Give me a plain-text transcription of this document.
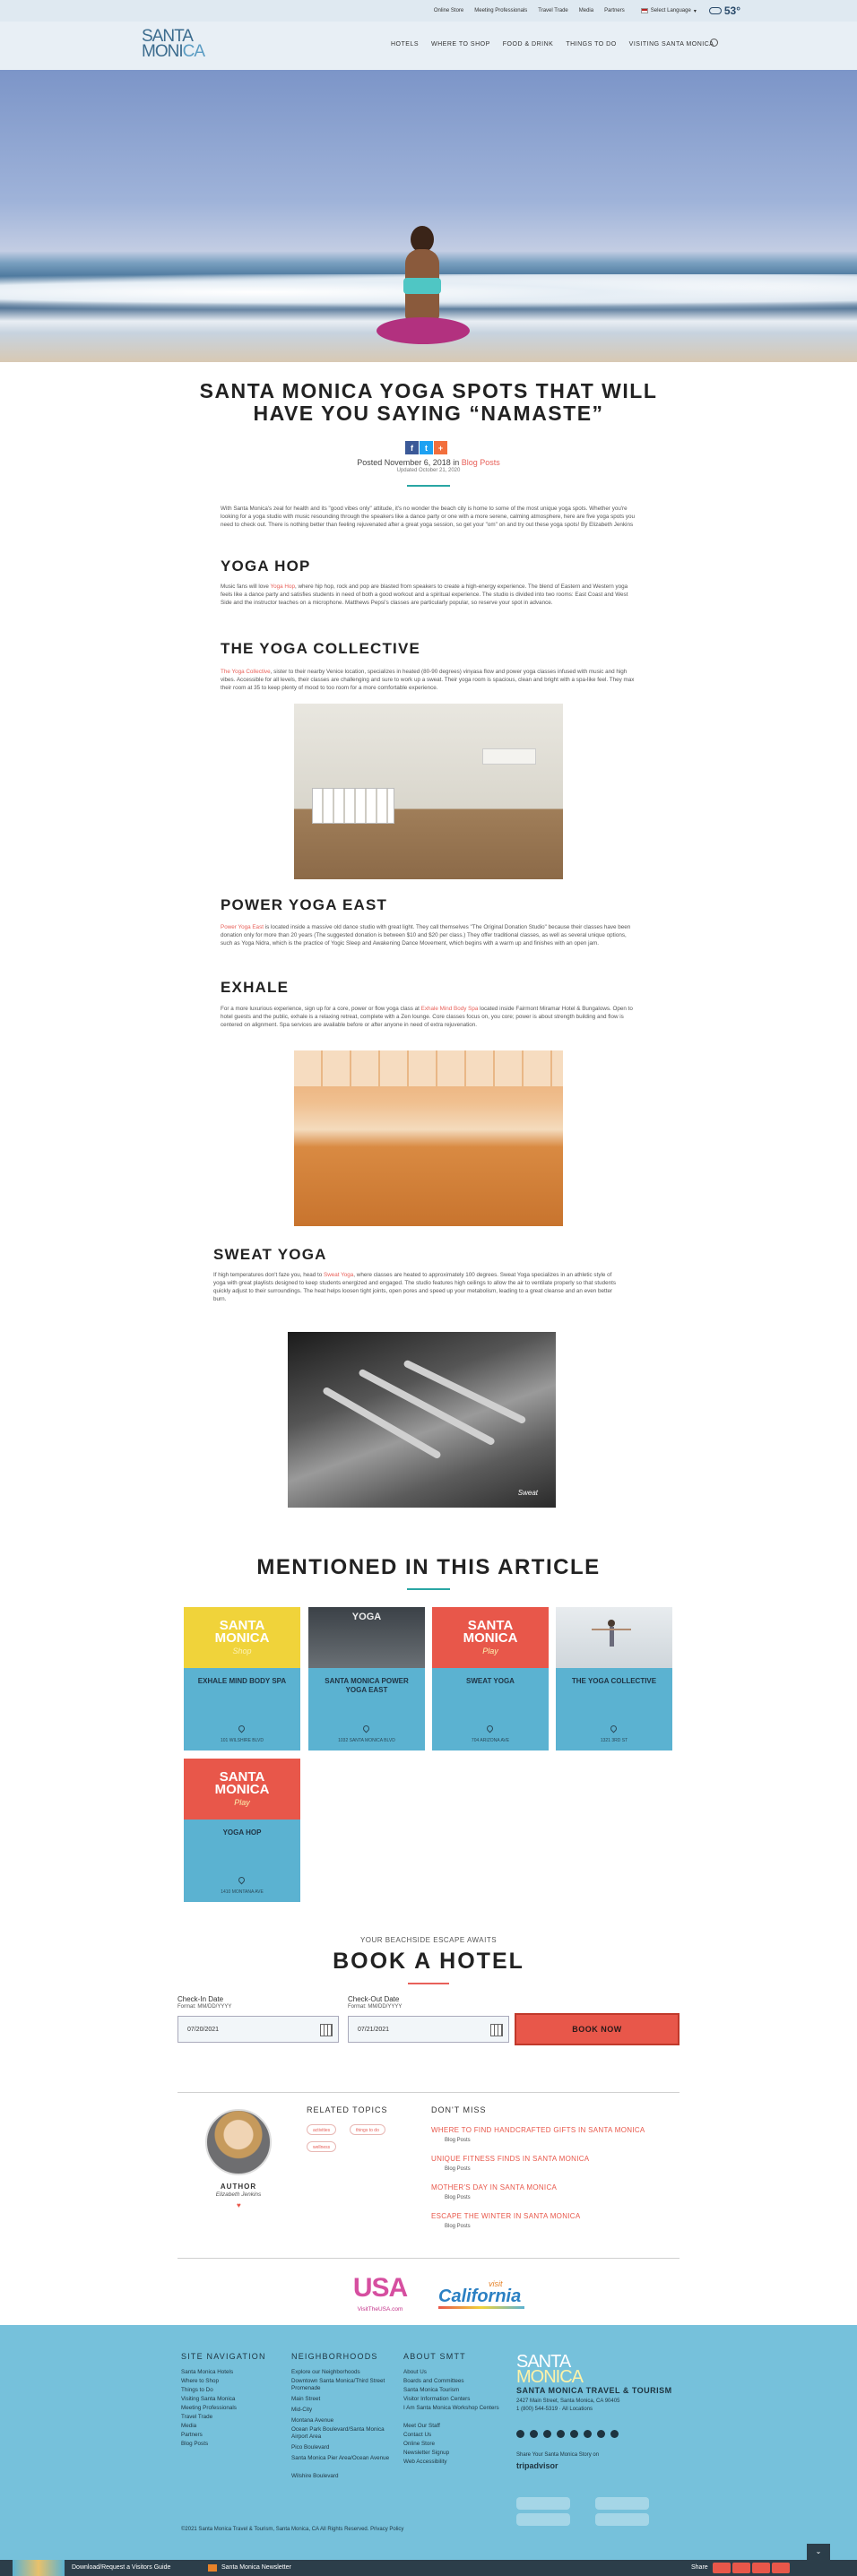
Online Store Meeting Professionals Travel Trade Media Partners	Select Language ▾	53°
SANTA
MONICA	HOTELS WHERE TO SHOP FOOD & DRINK THINGS TO DO VISITING SANTA MONICA
SANTA MONICA YOGA SPOTS THAT WILL HAVE YOU SAYING “NAMASTE”
f	t	+
Posted November 6, 2018 in Blog Posts
Updated October 21, 2020

With Santa Monica's zeal for health and its "good vibes only" attitude, it's no wonder the beach city is home to some of the most unique yoga spots. Whether you're looking for a yoga studio with music resounding through the speakers like a dance party or one with a more serene, calming atmosphere, here are five yoga spots you need to check out. There is nothing better than feeling rejuvenated after a great yoga session, so get your "om" on and try out these yoga spots! By Elizabeth Jenkins

YOGA HOP

Music fans will love Yoga Hop, where hip hop, rock and pop are blasted from speakers to create a high-energy experience. The blend of Eastern and Western yoga feels like a dance party and satisfies students in need of both a good workout and a spiritual experience. The studio is divided into two rooms: East Coast and West Side and the instructor teaches on a microphone. Matthews Pepsi's classes are particularly popular, so reserve your spot in advance.

THE YOGA COLLECTIVE

The Yoga Collective, sister to their nearby Venice location, specializes in heated (80-90 degrees) vinyasa flow and power yoga classes infused with music and high vibes. Accessible for all levels, their classes are challenging and sure to work up a sweat. Their yoga room is spacious, clean and bright with a spa-like feel. They max their room at 35 to keep plenty of mood to too room for a more comfortable experience.

POWER YOGA EAST

Power Yoga East is located inside a massive old dance studio with great light. They call themselves "The Original Donation Studio" because their classes have been donation only for more than 20 years (The suggested donation is between $10 and $20 per class.) They offer traditional classes, as well as several unique options, such as Yoga Nidra, which is the practice of Yogic Sleep and Awakening Dance Movement, which begins with a warm up and finishes with an open jam.

EXHALE

For a more luxurious experience, sign up for a core, power or flow yoga class at Exhale Mind Body Spa located inside Fairmont Miramar Hotel & Bungalows. Open to hotel guests and the public, exhale is a relaxing retreat, complete with a Zen lounge. Core classes focus on, you core; power is about strength building and flow is centered on alignment. Spa services are available before or after anyone in need of extra rejuvenation.

SWEAT YOGA

If high temperatures don't faze you, head to Sweat Yoga, where classes are heated to approximately 100 degrees. Sweat Yoga specializes in an athletic style of yoga with great playlists designed to keep students energized and engaged. The studio features high ceilings to allow the air to ventilate properly so that students quickly adjust to their surroundings. The heat helps loosen tight joints, open pores and speed up your metabolism, leading to a great cleanse and an even better burn.

Sweat
MENTIONED IN THIS ARTICLE
SANTA
MONICA
Shop
EXHALE MIND BODY SPA
101 WILSHIRE BLVD
YOGA
SANTA MONICA POWER YOGA EAST
1032 SANTA MONICA BLVD
SANTA
MONICA
Play
SWEAT YOGA
704 ARIZONA AVE
THE YOGA COLLECTIVE
1321 3RD ST
SANTA
MONICA
Play
YOGA HOP
1410 MONTANA AVE
YOUR BEACHSIDE ESCAPE AWAITS
BOOK A HOTEL
Check-In Date
Format: MM/DD/YYYY
07/20/2021
Check-Out Date
Format: MM/DD/YYYY
07/21/2021	BOOK NOW
AUTHOR
Elizabeth Jenkins
♥
RELATED TOPICS
activities	things to do
wellness
DON'T MISS
WHERE TO FIND HANDCRAFTED GIFTS IN SANTA MONICA
Blog Posts
UNIQUE FITNESS FINDS IN SANTA MONICA
Blog Posts
MOTHER'S DAY IN SANTA MONICA
Blog Posts
ESCAPE THE WINTER IN SANTA MONICA
Blog Posts
USA
VisitTheUSA.com
visit
California
SITE NAVIGATION	NEIGHBORHOODS	ABOUT SMTT
Santa Monica Hotels
Where to Shop
Things to Do
Visiting Santa Monica
Meeting Professionals
Travel Trade
Media
Partners
Blog Posts
Explore our Neighborhoods
Downtown Santa Monica/Third Street Promenade
Main Street
Mid-City
Montana Avenue
Ocean Park Boulevard/Santa Monica Airport Area
Pico Boulevard
Santa Monica Pier Area/Ocean Avenue
Wilshire Boulevard
About Us
Boards and Committees
Santa Monica Tourism
Visitor Information Centers
I Am Santa Monica Workshop Centers
Meet Our Staff
Contact Us
Online Store
Newsletter Signup
Web Accessibility
SANTA
MONICA
SANTA MONICA TRAVEL & TOURISM
2427 Main Street, Santa Monica, CA 90405
1 (800) 544-5319 · All Locations
Share Your Santa Monica Story on
tripadvisor
©2021 Santa Monica Travel & Tourism, Santa Monica, CA All Rights Reserved. Privacy Policy
⌄
Download/Request a Visitors Guide	Santa Monica Newsletter	Share
